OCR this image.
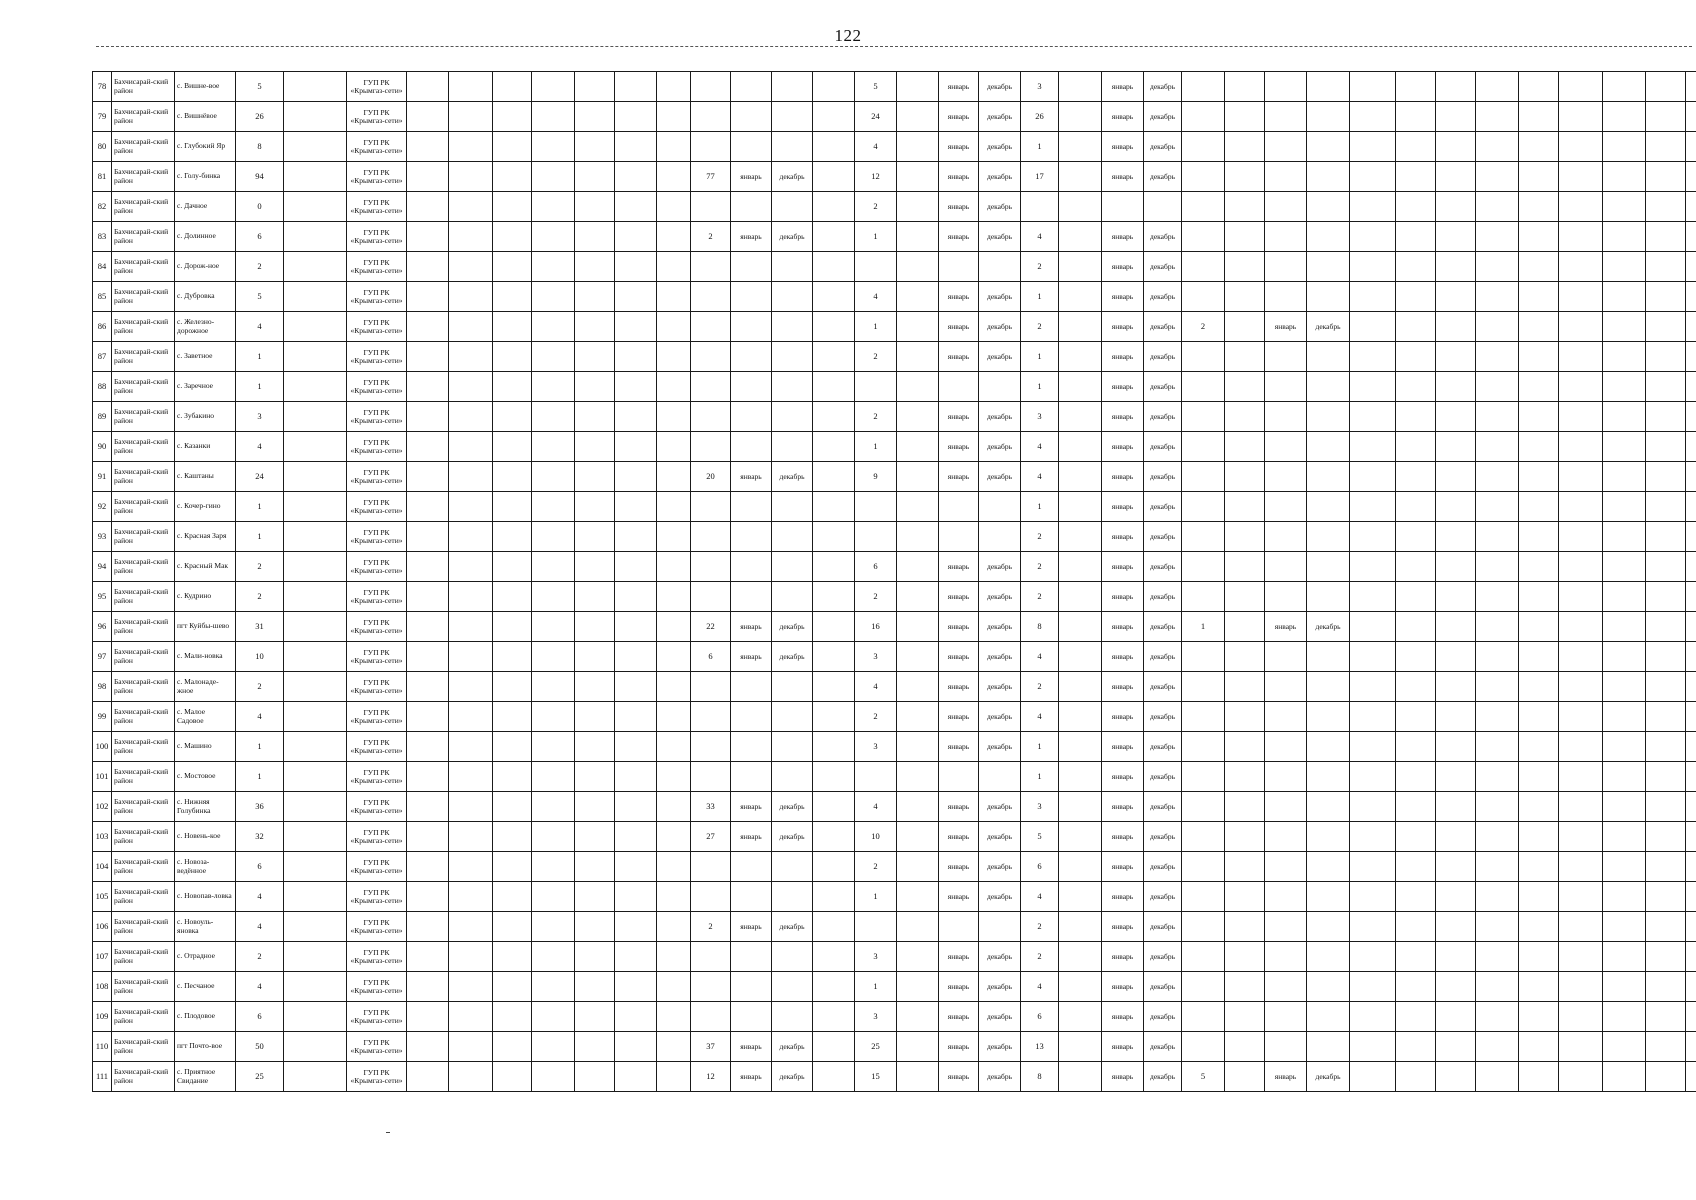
122
78	Бахчисарай-ский район	с. Вишне-вое	5		ГУП РК «Крымгаз-сети»												5		январь	декабрь	3		январь	декабрь															
79	Бахчисарай-ский район	с. Вишнёвое	26		ГУП РК «Крымгаз-сети»												24		январь	декабрь	26		январь	декабрь															
80	Бахчисарай-ский район	с. Глубокий Яр	8		ГУП РК «Крымгаз-сети»												4		январь	декабрь	1		январь	декабрь															
81	Бахчисарай-ский район	с. Голу-бинка	94		ГУП РК «Крымгаз-сети»								77	январь	декабрь		12		январь	декабрь	17		январь	декабрь															
82	Бахчисарай-ский район	с. Дачное	0		ГУП РК «Крымгаз-сети»												2		январь	декабрь																			
83	Бахчисарай-ский район	с. Долинное	6		ГУП РК «Крымгаз-сети»								2	январь	декабрь		1		январь	декабрь	4		январь	декабрь															
84	Бахчисарай-ский район	с. Дорож-ное	2		ГУП РК «Крымгаз-сети»																2		январь	декабрь															
85	Бахчисарай-ский район	с. Дубровка	5		ГУП РК «Крымгаз-сети»												4		январь	декабрь	1		январь	декабрь															
86	Бахчисарай-ский район	с. Железно-дорожное	4		ГУП РК «Крымгаз-сети»												1		январь	декабрь	2		январь	декабрь	2		январь	декабрь											
87	Бахчисарай-ский район	с. Заветное	1		ГУП РК «Крымгаз-сети»												2		январь	декабрь	1		январь	декабрь															
88	Бахчисарай-ский район	с. Заречное	1		ГУП РК «Крымгаз-сети»																1		январь	декабрь															
89	Бахчисарай-ский район	с. Зубакино	3		ГУП РК «Крымгаз-сети»												2		январь	декабрь	3		январь	декабрь															
90	Бахчисарай-ский район	с. Казанки	4		ГУП РК «Крымгаз-сети»												1		январь	декабрь	4		январь	декабрь															
91	Бахчисарай-ский район	с. Каштаны	24		ГУП РК «Крымгаз-сети»								20	январь	декабрь		9		январь	декабрь	4		январь	декабрь															
92	Бахчисарай-ский район	с. Кочер-гино	1		ГУП РК «Крымгаз-сети»																1		январь	декабрь															
93	Бахчисарай-ский район	с. Красная Заря	1		ГУП РК «Крымгаз-сети»																2		январь	декабрь															
94	Бахчисарай-ский район	с. Красный Мак	2		ГУП РК «Крымгаз-сети»												6		январь	декабрь	2		январь	декабрь															
95	Бахчисарай-ский район	с. Кудрино	2		ГУП РК «Крымгаз-сети»												2		январь	декабрь	2		январь	декабрь															
96	Бахчисарай-ский район	пгт Куйбы-шево	31		ГУП РК «Крымгаз-сети»								22	январь	декабрь		16		январь	декабрь	8		январь	декабрь	1		январь	декабрь											
97	Бахчисарай-ский район	с. Мали-новка	10		ГУП РК «Крымгаз-сети»								6	январь	декабрь		3		январь	декабрь	4		январь	декабрь															
98	Бахчисарай-ский район	с. Малонаде-жное	2		ГУП РК «Крымгаз-сети»												4		январь	декабрь	2		январь	декабрь															
99	Бахчисарай-ский район	с. Малое Садовое	4		ГУП РК «Крымгаз-сети»												2		январь	декабрь	4		январь	декабрь															
100	Бахчисарай-ский район	с. Машино	1		ГУП РК «Крымгаз-сети»												3		январь	декабрь	1		январь	декабрь															
101	Бахчисарай-ский район	с. Мостовое	1		ГУП РК «Крымгаз-сети»																1		январь	декабрь															
102	Бахчисарай-ский район	с. Нижняя Голубинка	36		ГУП РК «Крымгаз-сети»								33	январь	декабрь		4		январь	декабрь	3		январь	декабрь															
103	Бахчисарай-ский район	с. Новень-кое	32		ГУП РК «Крымгаз-сети»								27	январь	декабрь		10		январь	декабрь	5		январь	декабрь															
104	Бахчисарай-ский район	с. Новоза-ведённое	6		ГУП РК «Крымгаз-сети»												2		январь	декабрь	6		январь	декабрь															
105	Бахчисарай-ский район	с. Новопав-ловка	4		ГУП РК «Крымгаз-сети»												1		январь	декабрь	4		январь	декабрь															
106	Бахчисарай-ский район	с. Новоуль-яновка	4		ГУП РК «Крымгаз-сети»								2	январь	декабрь						2		январь	декабрь															
107	Бахчисарай-ский район	с. Отрадное	2		ГУП РК «Крымгаз-сети»												3		январь	декабрь	2		январь	декабрь															
108	Бахчисарай-ский район	с. Песчаное	4		ГУП РК «Крымгаз-сети»												1		январь	декабрь	4		январь	декабрь															
109	Бахчисарай-ский район	с. Плодовое	6		ГУП РК «Крымгаз-сети»												3		январь	декабрь	6		январь	декабрь															
110	Бахчисарай-ский район	пгт Почто-вое	50		ГУП РК «Крымгаз-сети»								37	январь	декабрь		25		январь	декабрь	13		январь	декабрь															
111	Бахчисарай-ский район	с. Приятное Свидание	25		ГУП РК «Крымгаз-сети»								12	январь	декабрь		15		январь	декабрь	8		январь	декабрь	5		январь	декабрь											
